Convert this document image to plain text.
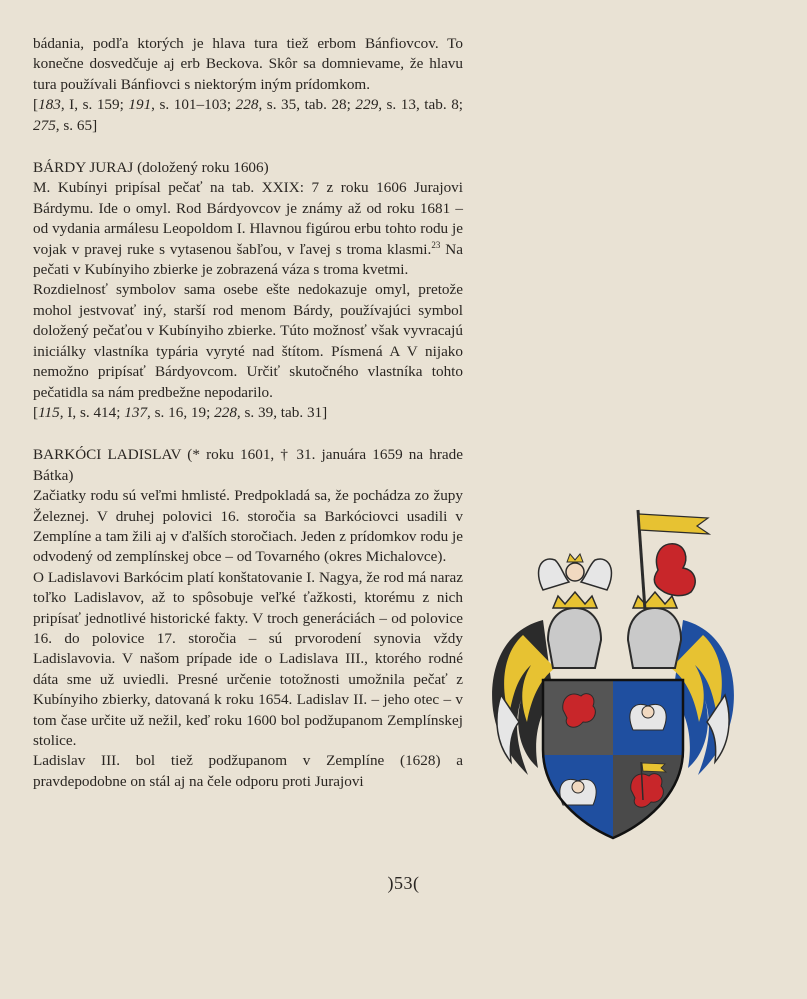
bádania, podľa ktorých je hlava tura tiež erbom Bánfiovcov. To konečne dosvedčuje aj erb Beckova. Skôr sa domnievame, že hlavu tura používali Bánfiovci s niektorým iným prídomkom.

[183, I, s. 159; 191, s. 101–103; 228, s. 35, tab. 28; 229, s. 13, tab. 8; 275, s. 65]

BÁRDY JURAJ (doložený roku 1606)

M. Kubínyi pripísal pečať na tab. XXIX: 7 z roku 1606 Jurajovi Bárdymu. Ide o omyl. Rod Bárdyovcov je známy až od roku 1681 – od vydania armálesu Leopoldom I. Hlavnou figúrou erbu tohto rodu je vojak v pravej ruke s vytasenou šabľou, v ľavej s troma klasmi.$^{23}$ Na pečati v Kubínyiho zbierke je zobrazená váza s troma kvetmi.

Rozdielnosť symbolov sama osebe ešte nedokazuje omyl, pretože mohol jestvovať iný, starší rod menom Bárdy, používajúci symbol doložený pečaťou v Kubínyiho zbierke. Túto možnosť však vyvracajú iniciálky vlastníka typária vyryté nad štítom. Písmená A V nijako nemožno pripísať Bárdyovcom. Určiť skutočného vlastníka tohto pečatidla sa nám predbežne nepodarilo.

[115, I, s. 414; 137, s. 16, 19; 228, s. 39, tab. 31]

BARKÓCI LADISLAV (* roku 1601, † 31. januára 1659 na hrade Bátka)

Začiatky rodu sú veľmi hmlisté. Predpokladá sa, že pochádza zo župy Železnej. V druhej polovici 16. storočia sa Barkóciovci usadili v Zemplíne a tam žili aj v ďalších storočiach. Jeden z prídomkov rodu je odvodený od zemplínskej obce – od Tovarného (okres Michalovce).

O Ladislavovi Barkócim platí konštatovanie I. Nagya, že rod má naraz toľko Ladislavov, až to spôsobuje veľké ťažkosti, ktorému z nich pripísať jednotlivé historické fakty. V troch generáciách – od polovice 16. do polovice 17. storočia – sú prvorodení synovia vždy Ladislavovia. V našom prípade ide o Ladislava III., ktorého rodné dáta sme už uviedli. Presné určenie totožnosti umožnila pečať z Kubínyiho zbierky, datovaná k roku 1654. Ladislav II. – jeho otec – v tom čase určite už nežil, keď roku 1600 bol podžupanom Zemplínskej stolice.

Ladislav III. bol tiež podžupanom v Zemplíne (1628) a pravdepodobne on stál aj na čele odporu proti Jurajovi

)53(
